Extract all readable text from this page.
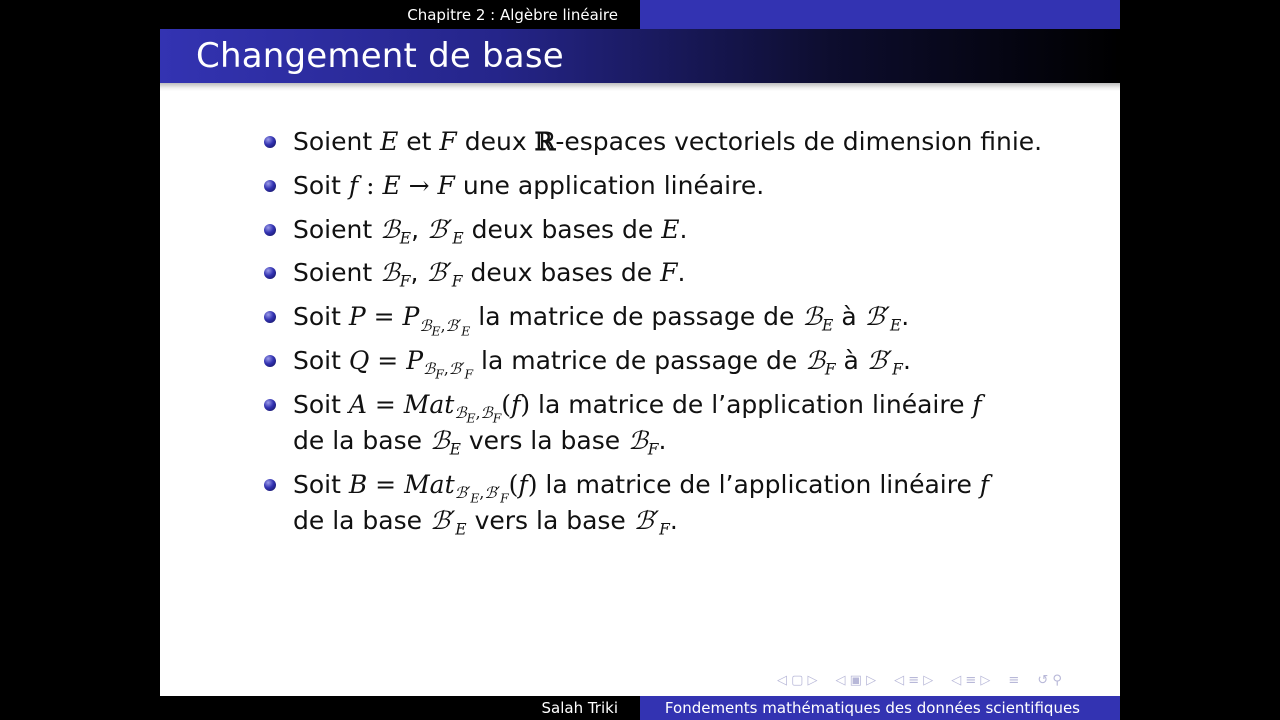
Chapitre 2 : Algèbre linéaire
Changement de base
Soient E et F deux ℝ-espaces vectoriels de dimension finie.
Soit f : E → F une application linéaire.
Soient ℬ$_E$, $ℬ'_E$ deux bases de E.
Soient ℬ$_F$, $ℬ'_F$ deux bases de F.
Soit $P = P_{ℬ_E,ℬ'_E}$ la matrice de passage de ℬ$_E$ à $ℬ'_E$.
Soit $Q = P_{ℬ_F,ℬ'_F}$ la matrice de passage de ℬ$_F$ à $ℬ'_F$.
Soit A = Mat$_{ℬ_E,ℬ_F}$(f) la matrice de l’application linéaire f
de la base ℬ$_E$ vers la base ℬ$_F$.
Soit B = Mat$_{ℬ'_E,ℬ'_F}$(f) la matrice de l’application linéaire f
de la base $ℬ'_E$ vers la base $ℬ'_F$.
◁ ▢ ▷ ◁ ▣ ▷ ◁ ≡ ▷ ◁ ≡ ▷ ≡ ↺ ⚲
Salah Triki	Fondements mathématiques des données scientifiques
